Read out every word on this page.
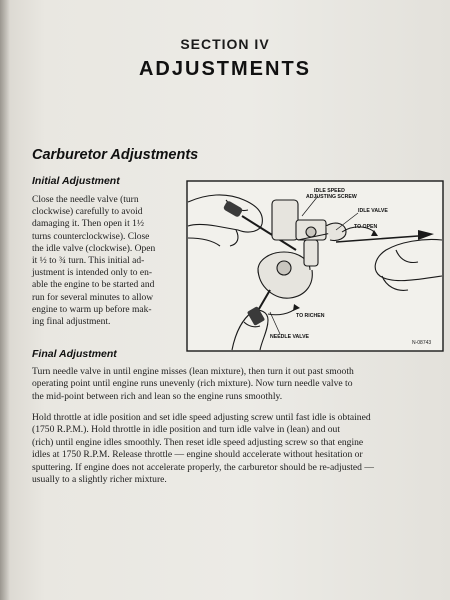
SECTION IV
ADJUSTMENTS
Carburetor Adjustments
Initial Adjustment
Close the needle valve (turn
clockwise) carefully to avoid
damaging it. Then open it 1½
turns counterclockwise). Close
the idle valve (clockwise). Open
it ½ to ¾ turn. This initial ad-
justment is intended only to en-
able the engine to be started and
run for several minutes to allow
engine to warm up before mak-
ing final adjustment.
IDLE SPEED
ADJUSTING SCREW
IDLE VALVE
TO OPEN
TO RICHEN
NEEDLE VALVE
N-08743
Final Adjustment
Turn needle valve in until engine misses (lean mixture), then turn it out past smooth
operating point until engine runs unevenly (rich mixture). Now turn needle valve to
the mid-point between rich and lean so the engine runs smoothly.
Hold throttle at idle position and set idle speed adjusting screw until fast idle is obtained
(1750 R.P.M.). Hold throttle in idle position and turn idle valve in (lean) and out
(rich) until engine idles smoothly. Then reset idle speed adjusting screw so that engine
idles at 1750 R.P.M. Release throttle — engine should accelerate without hesitation or
sputtering. If engine does not accelerate properly, the carburetor should be re-adjusted —
usually to a slightly richer mixture.
